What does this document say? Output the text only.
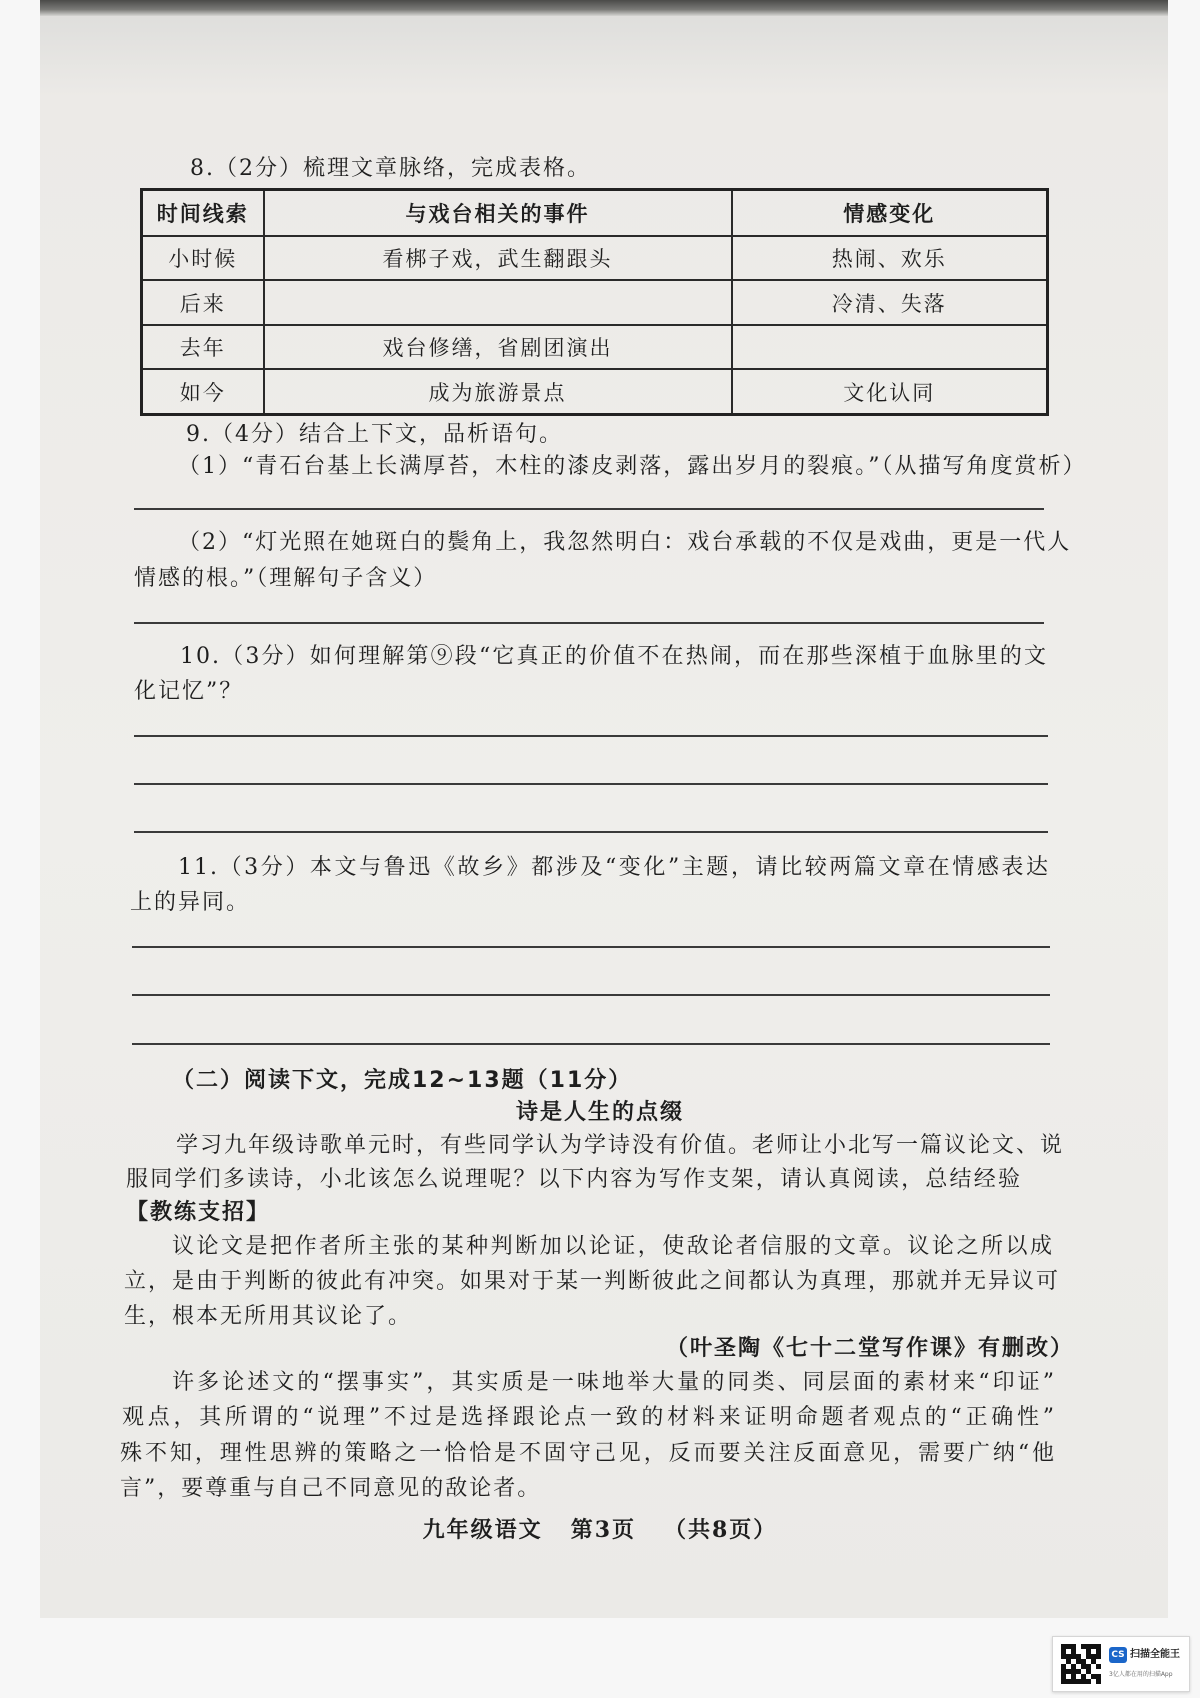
8.（2分）梳理文章脉络，完成表格。
时间线索	与戏台相关的事件	情感变化
小时候	看梆子戏，武生翻跟头	热闹、欢乐
后来		冷清、失落
去年	戏台修缮，省剧团演出	
如今	成为旅游景点	文化认同
9.（4分）结合上下文，品析语句。
（1）“青石台基上长满厚苔，木柱的漆皮剥落，露出岁月的裂痕。”（从描写角度赏析）
（2）“灯光照在她斑白的鬓角上，我忽然明白：戏台承载的不仅是戏曲，更是一代人
情感的根。”（理解句子含义）
10.（3分）如何理解第⑨段“它真正的价值不在热闹，而在那些深植于血脉里的文
化记忆”？
11.（3分）本文与鲁迅《故乡》都涉及“变化”主题，请比较两篇文章在情感表达
上的异同。
（二）阅读下文，完成12~13题（11分）
诗是人生的点缀
学习九年级诗歌单元时，有些同学认为学诗没有价值。老师让小北写一篇议论文、说
服同学们多读诗，小北该怎么说理呢？以下内容为写作支架，请认真阅读，总结经验
【教练支招】
议论文是把作者所主张的某种判断加以论证，使敌论者信服的文章。议论之所以成
立，是由于判断的彼此有冲突。如果对于某一判断彼此之间都认为真理，那就并无异议可
生，根本无所用其议论了。
（叶圣陶《七十二堂写作课》有删改）
许多论述文的“摆事实”，其实质是一味地举大量的同类、同层面的素材来“印证”
观点，其所谓的“说理”不过是选择跟论点一致的材料来证明命题者观点的“正确性”
殊不知，理性思辨的策略之一恰恰是不固守己见，反而要关注反面意见，需要广纳“他
言”，要尊重与自己不同意见的敌论者。
九年级语文 第3页 （共8页）
CS 扫描全能王
3亿人都在用的扫描App
